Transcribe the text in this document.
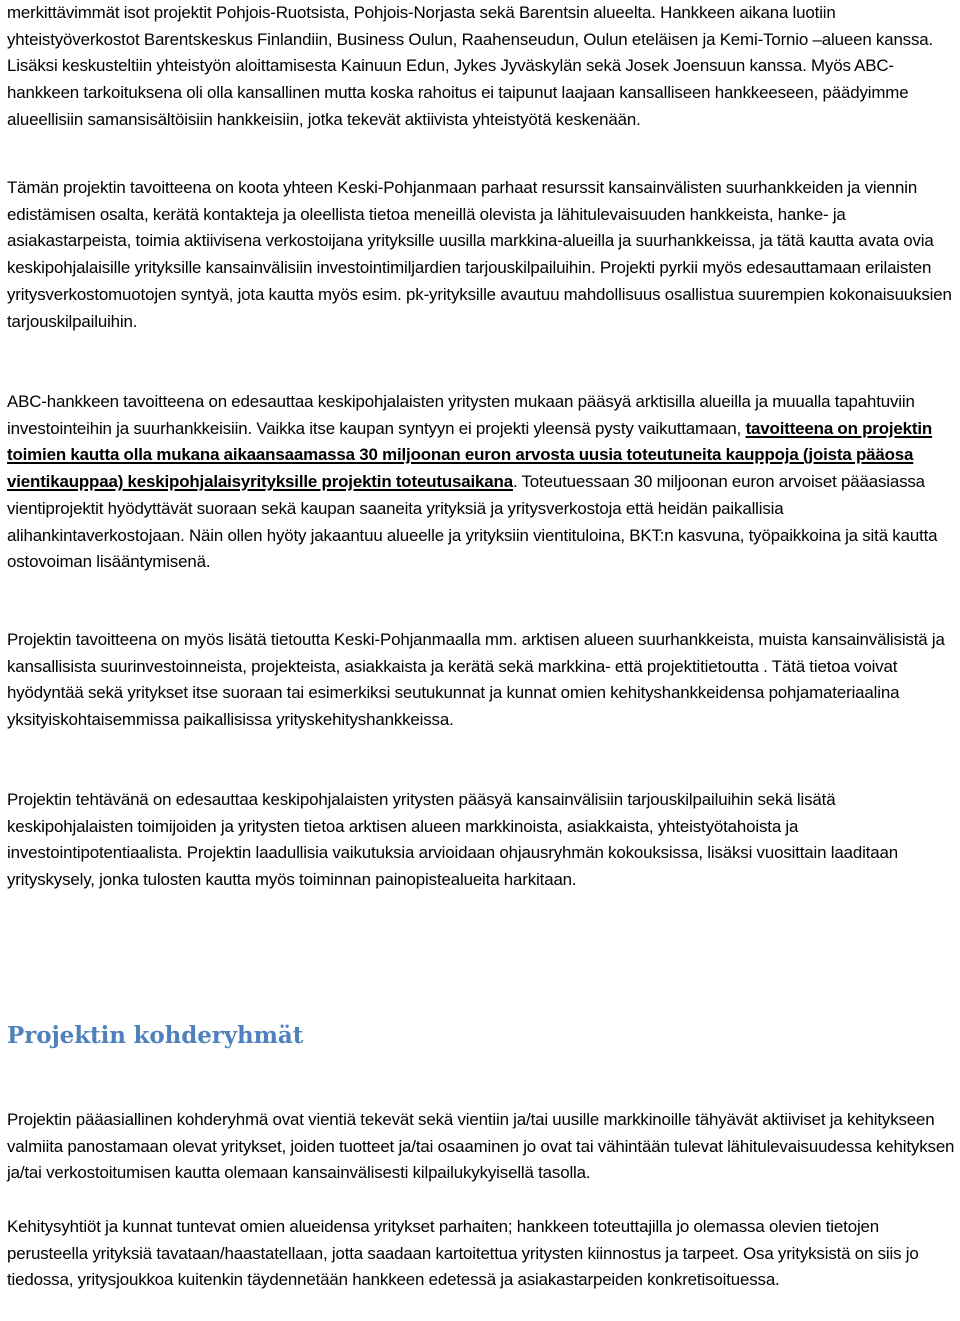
merkittävimmät isot projektit Pohjois-Ruotsista, Pohjois-Norjasta sekä Barentsin alueelta. Hankkeen aikana luotiin yhteistyöverkostot Barentskeskus Finlandiin, Business Oulun, Raahenseudun, Oulun eteläisen ja Kemi-Tornio –alueen kanssa. Lisäksi keskusteltiin yhteistyön aloittamisesta Kainuun Edun, Jykes Jyväskylän sekä Josek Joensuun kanssa. Myös ABC-hankkeen tarkoituksena oli olla kansallinen mutta koska rahoitus ei taipunut laajaan kansalliseen hankkeeseen, päädyimme alueellisiin samansisältöisiin hankkeisiin, jotka tekevät aktiivista yhteistyötä keskenään.

Tämän projektin tavoitteena on koota yhteen Keski-Pohjanmaan parhaat resurssit kansainvälisten suurhankkeiden ja viennin edistämisen osalta, kerätä kontakteja ja oleellista tietoa meneillä olevista ja lähitulevaisuuden hankkeista, hanke- ja asiakastarpeista, toimia aktiivisena verkostoijana yrityksille uusilla markkina-alueilla ja suurhankkeissa, ja tätä kautta avata ovia keskipohjalaisille yrityksille kansainvälisiin investointimiljardien tarjouskilpailuihin. Projekti pyrkii myös edesauttamaan erilaisten yritysverkostomuotojen syntyä, jota kautta myös esim. pk-yrityksille avautuu mahdollisuus osallistua suurempien kokonaisuuksien tarjouskilpailuihin.

ABC-hankkeen tavoitteena on edesauttaa keskipohjalaisten yritysten mukaan pääsyä arktisilla alueilla ja muualla tapahtuviin investointeihin ja suurhankkeisiin. Vaikka itse kaupan syntyyn ei projekti yleensä pysty vaikuttamaan, tavoitteena on projektin toimien kautta olla mukana aikaansaamassa 30 miljoonan euron arvosta uusia toteutuneita kauppoja (joista pääosa vientikauppaa) keskipohjalaisyrityksille projektin toteutusaikana. Toteutuessaan 30 miljoonan euron arvoiset pääasiassa vientiprojektit hyödyttävät suoraan sekä kaupan saaneita yrityksiä ja yritysverkostoja että heidän paikallisia alihankintaverkostojaan. Näin ollen hyöty jakaantuu alueelle ja yrityksiin vientituloina, BKT:n kasvuna, työpaikkoina ja sitä kautta ostovoiman lisääntymisenä.

Projektin tavoitteena on myös lisätä tietoutta Keski-Pohjanmaalla mm. arktisen alueen suurhankkeista, muista kansainvälisistä ja kansallisista suurinvestoinneista, projekteista, asiakkaista ja kerätä sekä markkina- että projektitietoutta . Tätä tietoa voivat hyödyntää sekä yritykset itse suoraan tai esimerkiksi seutukunnat ja kunnat omien kehityshankkeidensa pohjamateriaalina yksityiskohtaisemmissa paikallisissa yrityskehityshankkeissa.

Projektin tehtävänä on edesauttaa keskipohjalaisten yritysten pääsyä kansainvälisiin tarjouskilpailuihin sekä lisätä keskipohjalaisten toimijoiden ja yritysten tietoa arktisen alueen markkinoista, asiakkaista, yhteistyötahoista ja investointipotentiaalista. Projektin laadullisia vaikutuksia arvioidaan ohjausryhmän kokouksissa, lisäksi vuosittain laaditaan yrityskysely, jonka tulosten kautta myös toiminnan painopistealueita harkitaan.

Projektin kohderyhmät

Projektin pääasiallinen kohderyhmä ovat vientiä tekevät sekä vientiin ja/tai uusille markkinoille tähyävät aktiiviset ja kehitykseen valmiita panostamaan olevat yritykset, joiden tuotteet ja/tai osaaminen jo ovat tai vähintään tulevat lähitulevaisuudessa kehityksen ja/tai verkostoitumisen kautta olemaan kansainvälisesti kilpailukykyisellä tasolla.

Kehitysyhtiöt ja kunnat tuntevat omien alueidensa yritykset parhaiten; hankkeen toteuttajilla jo olemassa olevien tietojen perusteella yrityksiä tavataan/haastatellaan, jotta saadaan kartoitettua yritysten kiinnostus ja tarpeet. Osa yrityksistä on siis jo tiedossa, yritysjoukkoa kuitenkin täydennetään hankkeen edetessä ja asiakastarpeiden konkretisoituessa.
